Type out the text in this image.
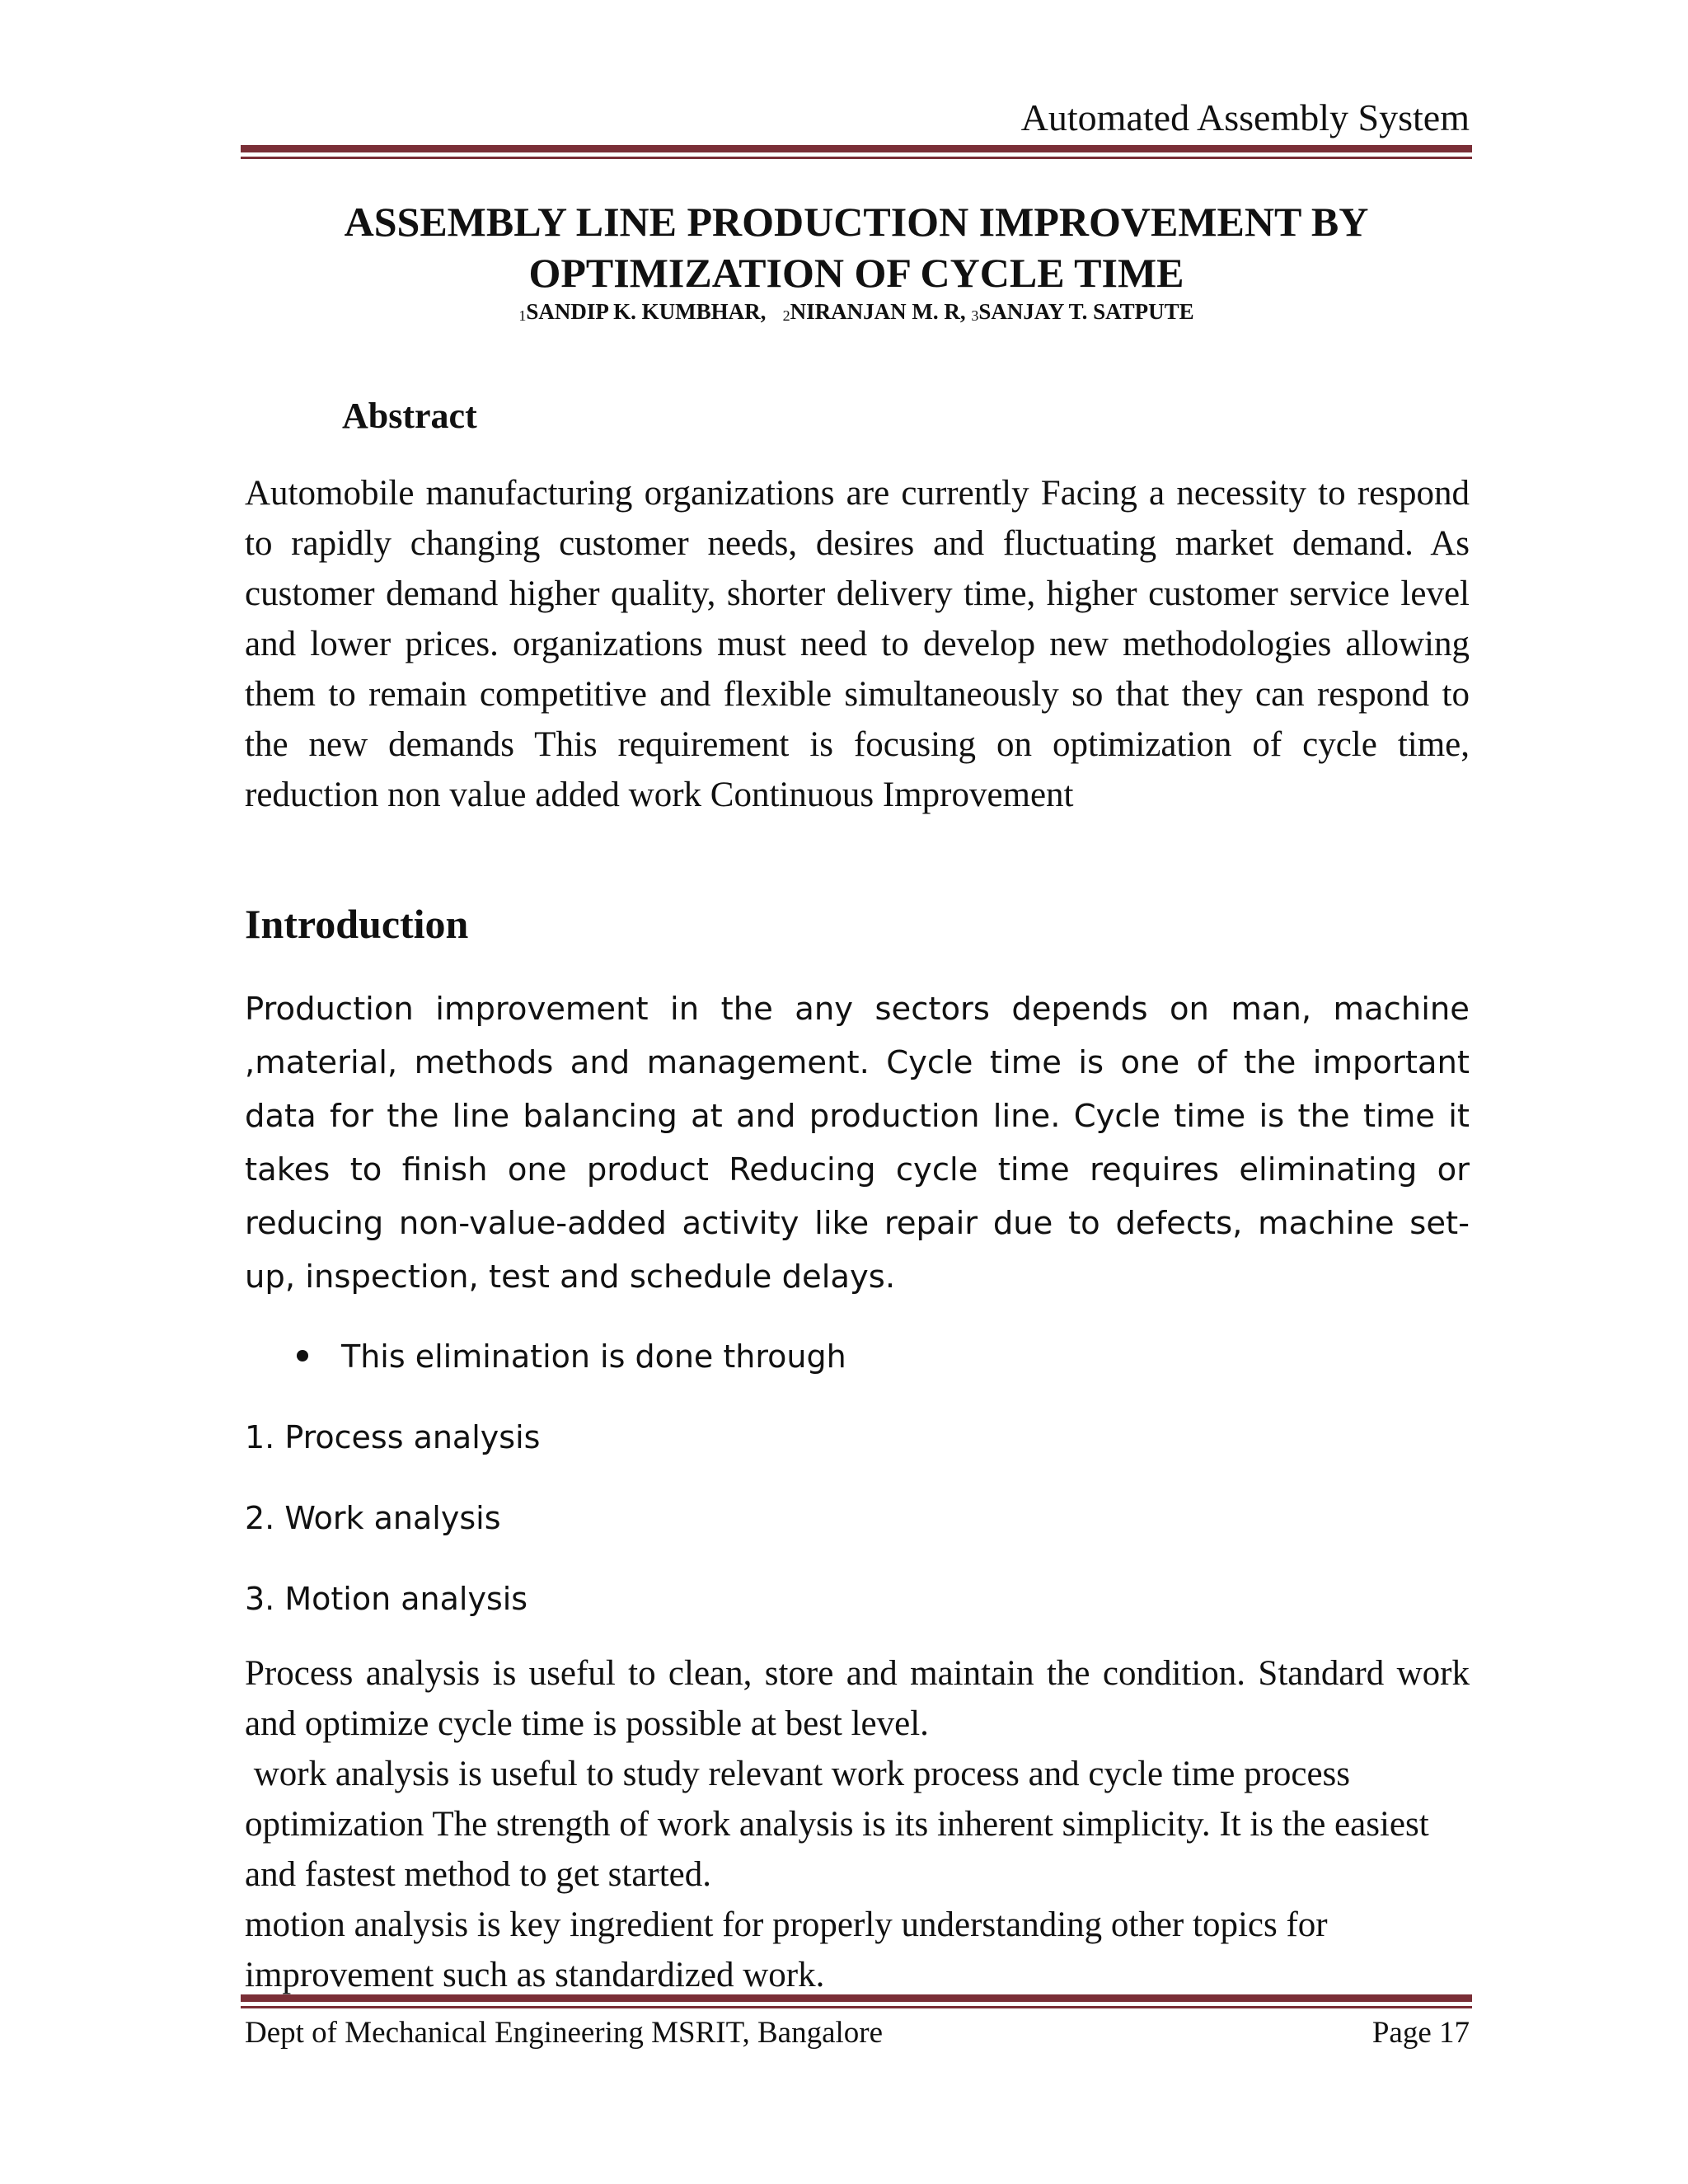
Automated Assembly System
ASSEMBLY LINE PRODUCTION IMPROVEMENT BY
OPTIMIZATION OF CYCLE TIME
1SANDIP K. KUMBHAR, 2NIRANJAN M. R, 3SANJAY T. SATPUTE
Abstract

Automobile manufacturing organizations are currently Facing a necessity to respond to rapidly changing customer needs, desires and fluctuating market demand. As customer demand higher quality, shorter delivery time, higher customer service level and lower prices. organizations must need to develop new methodologies allowing them to remain competitive and flexible simultaneously so that they can respond to the new demands This requirement is focusing on optimization of cycle time, reduction non value added work Continuous Improvement

Introduction

Production improvement in the any sectors depends on man, machine ,material, methods and management. Cycle time is one of the important data for the line balancing at and production line. Cycle time is the time it takes to finish one product Reducing cycle time requires eliminating or reducing non-value-added activity like repair due to defects, machine set-up, inspection, test and schedule delays.

This elimination is done through
1. Process analysis
2. Work analysis
3. Motion analysis

Process analysis is useful to clean, store and maintain the condition. Standard work and optimize cycle time is possible at best level.

work analysis is useful to study relevant work process and cycle time process optimization The strength of work analysis is its inherent simplicity. It is the easiest and fastest method to get started.

motion analysis is key ingredient for properly understanding other topics for improvement such as standardized work.

Dept of Mechanical Engineering MSRIT, Bangalore	Page 17
